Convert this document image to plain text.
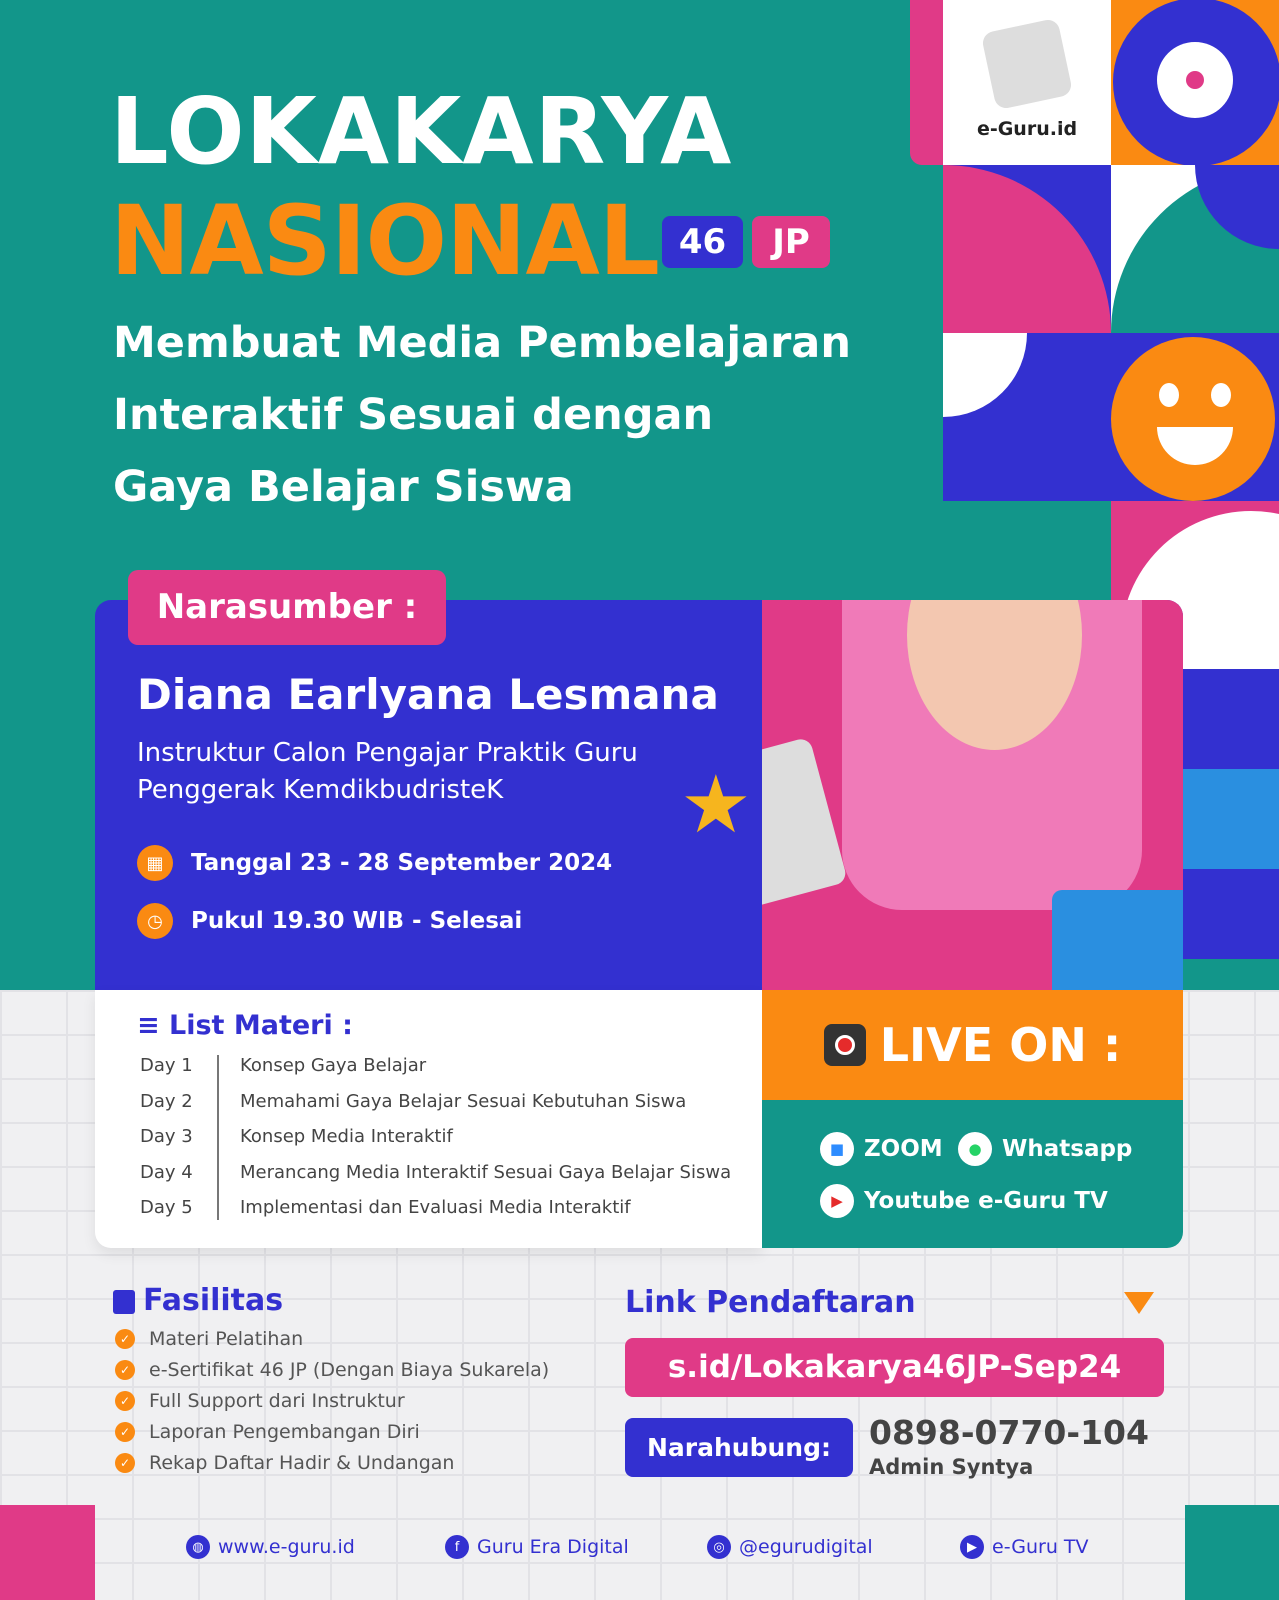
e-Guru.id
LOKAKARYA
NASIONAL 46	JP
Membuat Media Pembelajaran
Interaktif Sesuai dengan
Gaya Belajar Siswa
★
Narasumber :
Diana Earlyana Lesmana
Instruktur Calon Pengajar Praktik Guru
Penggerak KemdikbudristeK
▦	Tanggal 23 - 28 September 2024
◷	Pukul 19.30 WIB - Selesai
≡ List Materi :
Day 1	Konsep Gaya Belajar
Day 2	Memahami Gaya Belajar Sesuai Kebutuhan Siswa
Day 3	Konsep Media Interaktif
Day 4	Merancang Media Interaktif Sesuai Gaya Belajar Siswa
Day 5	Implementasi dan Evaluasi Media Interaktif
LIVE ON :
■ ZOOM	● Whatsapp
▶ Youtube e-Guru TV
Fasilitas
✓ Materi Pelatihan
✓ e-Sertifikat 46 JP (Dengan Biaya Sukarela)
✓ Full Support dari Instruktur
✓ Laporan Pengembangan Diri
✓ Rekap Daftar Hadir & Undangan
Link Pendaftaran
s.id/Lokakarya46JP-Sep24
Narahubung:	0898-0770-104
Admin Syntya
◍ www.e-guru.id	f Guru Era Digital	◎ @egurudigital	▶ e-Guru TV
